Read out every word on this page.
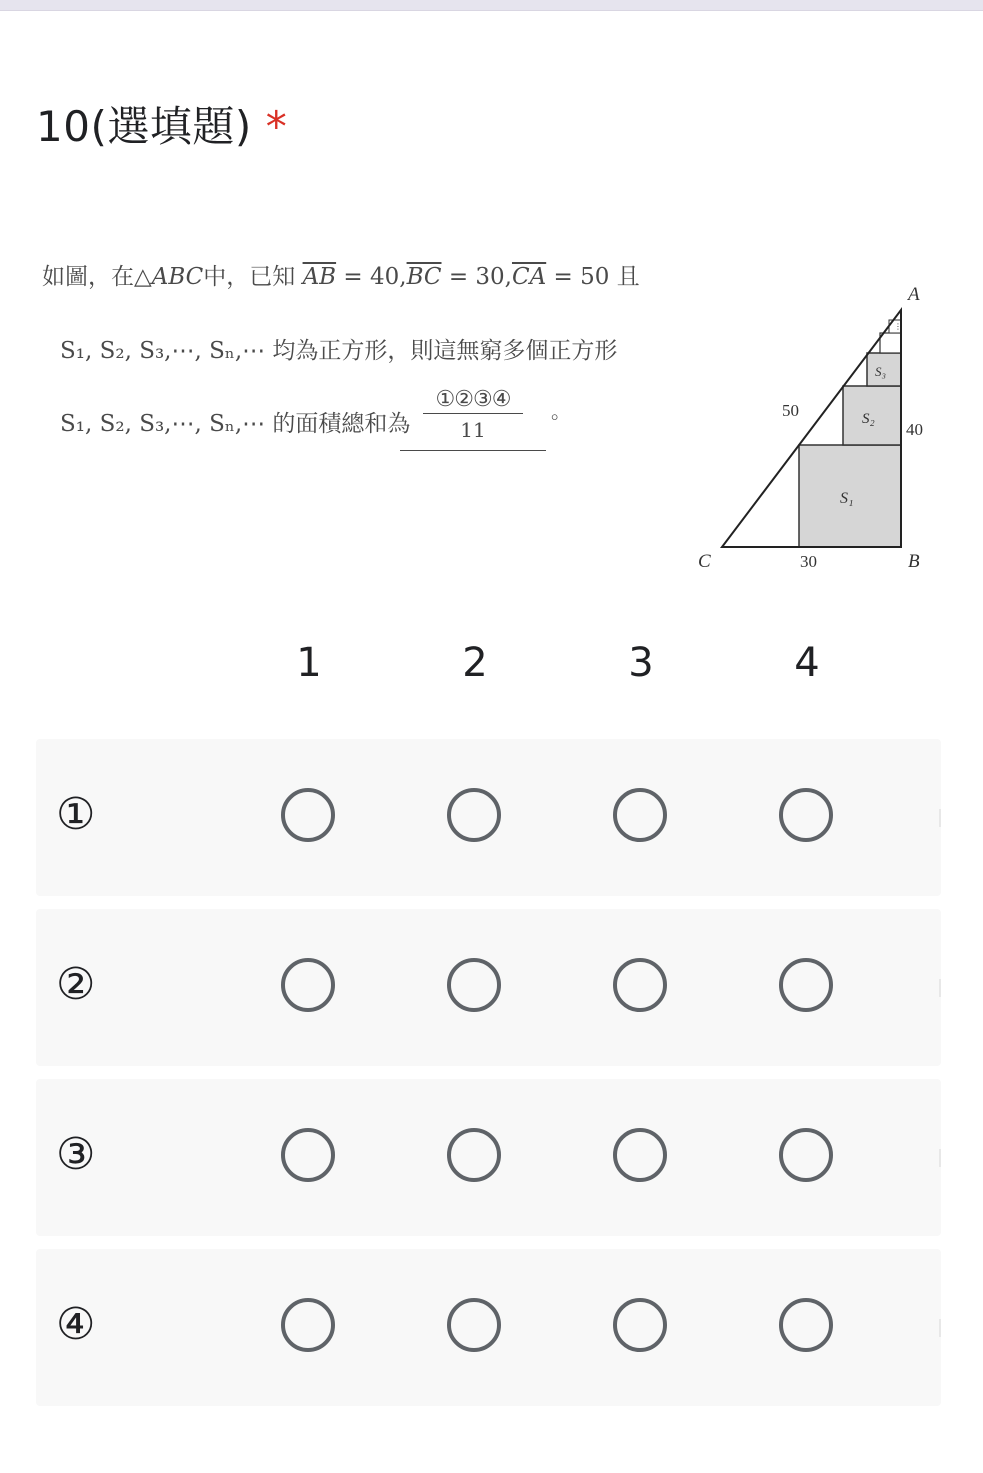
10(選填題) *
如圖，在△ABC中，已知 $\overline{AB} = 40,\overline{BC} = 30,\overline{CA} = 50$ 且
S₁, S₂, S₃,⋯, Sₙ,⋯ 均為正方形，則這無窮多個正方形
S₁, S₂, S₃,⋯, Sₙ,⋯ 的面積總和為
①②③④
11
。
⋮
A
B
C
50
40
30
S₁
S₂
S₃
1	2	3	4
①
②
③
④
